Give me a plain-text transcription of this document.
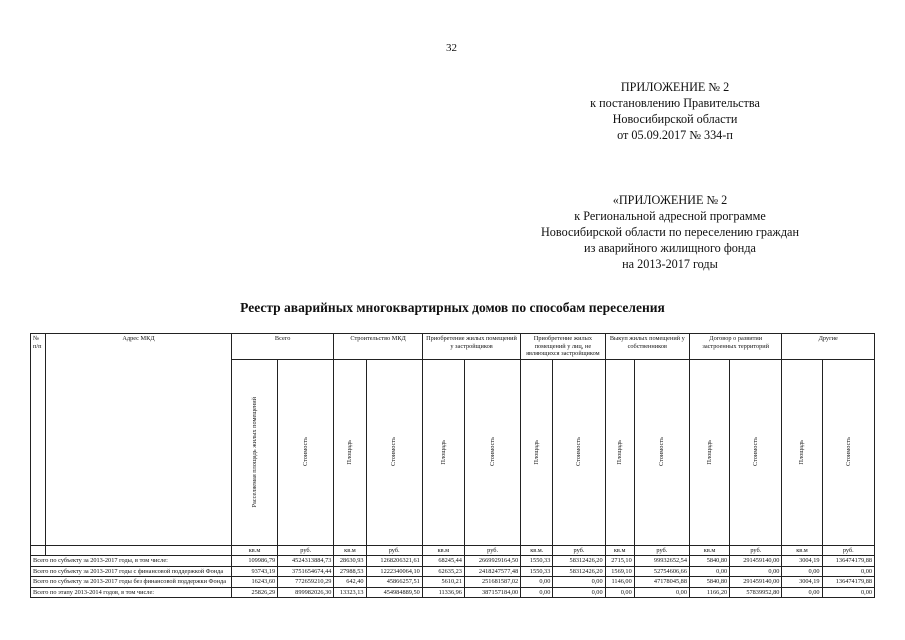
32
ПРИЛОЖЕНИЕ № 2
к постановлению Правительства
Новосибирской области
от 05.09.2017 № 334-п
«ПРИЛОЖЕНИЕ № 2
к Региональной адресной программе
Новосибирской области по переселению граждан
из аварийного жилищного фонда
на 2013-2017 годы
Реестр аварийных многоквартирных домов по способам переселения
№ п/п	Адрес МКД	Всего		Строительство МКД		Приобретение жилых помещений у застройщиков		Приобретение жилых помещений у лиц, не являющихся застройщиком		Выкуп жилых помещений у собственников		Договор о развитии застроенных территорий		Другие	

		Расселяемая площадь жилых помещений	Стоимость	Площадь	Стоимость	Площадь	Стоимость	Площадь	Стоимость	Площадь	Стоимость	Площадь	Стоимость	Площадь	Стоимость

		кв.м	руб.	кв.м	руб.	кв.м	руб.	кв.м.	руб.	кв.м	руб.	кв.м	руб.	кв.м	руб.
Всего по субъекту за 2013-2017 годы, в том числе:		109986,79	4524313884,73	28630,93	1268206321,61	68245,44	2669929164,50	1550,33	58312426,20	2715,10	99932652,54	5840,80	291459140,00	3004,19	136474179,88
Всего по субъекту за 2013-2017 годы с финансовой поддержкой Фонда		93743,19	3751654674,44	27988,53	1222340064,10	62635,23	2418247577,48	1550,33	58312426,20	1569,10	52754606,66	0,00	0,00	0,00	0,00
Всего по субъекту за 2013-2017 годы без финансовой поддержки Фонда		16243,60	772659210,29	642,40	45866257,51	5610,21	251681587,02	0,00	0,00	1146,00	47178045,88	5840,80	291459140,00	3004,19	136474179,88
Всего по этапу 2013-2014 годов, в том числе:		25826,29	899982026,30	13323,13	454984889,50	11336,96	387157184,00	0,00	0,00	0,00	0,00	1166,20	57839952,80	0,00	0,00
